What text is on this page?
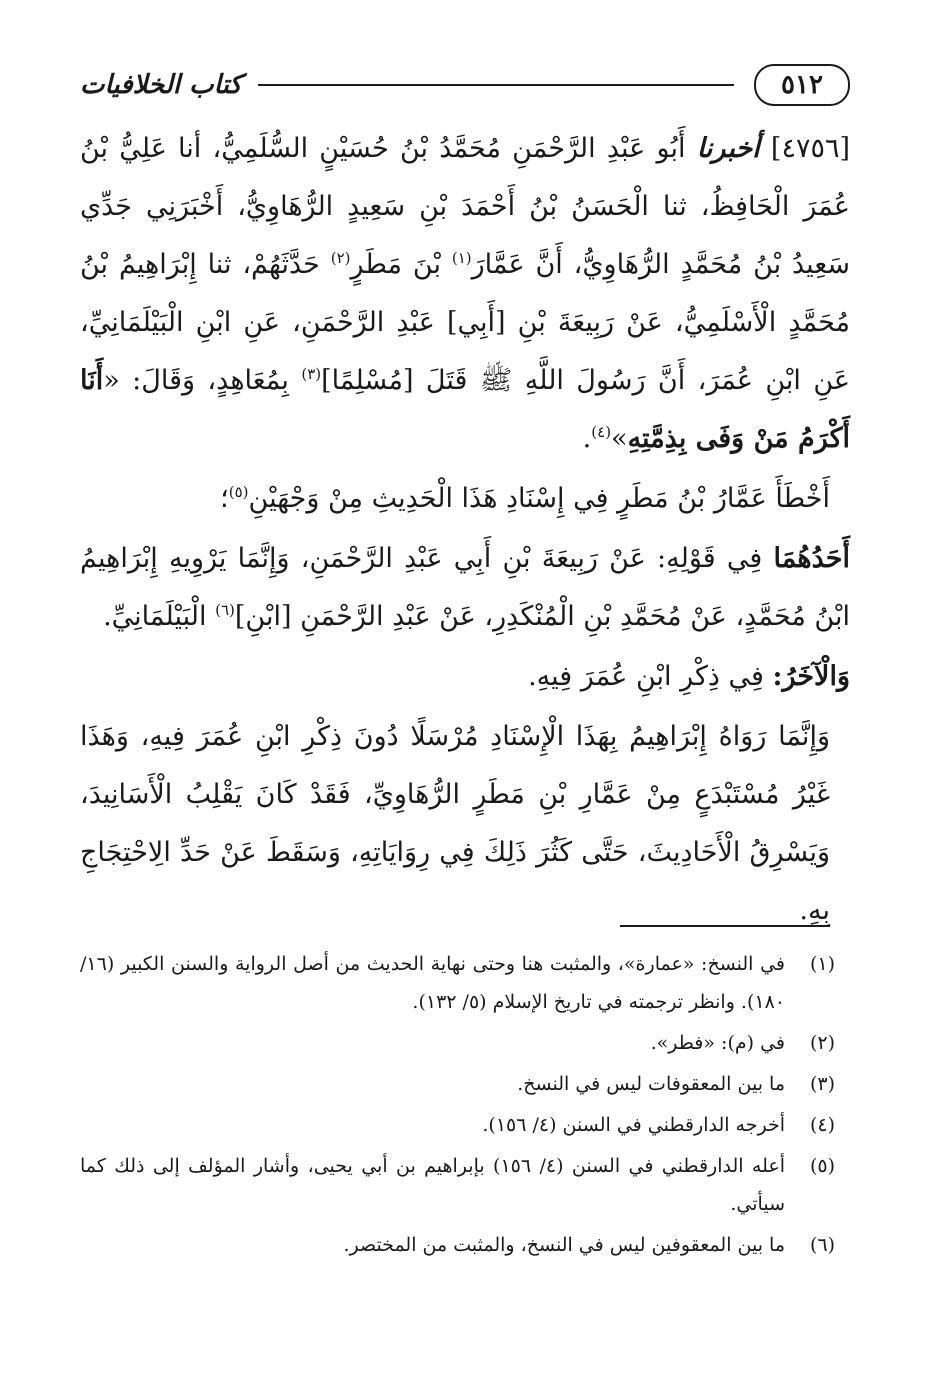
٥١٢
كتاب الخلافيات

[٤٧٥٦] أخبرنا أَبُو عَبْدِ الرَّحْمَنِ مُحَمَّدُ بْنُ حُسَيْنٍ السُّلَمِيُّ، أنا عَلِيُّ بْنُ عُمَرَ الْحَافِظُ، ثنا الْحَسَنُ بْنُ أَحْمَدَ بْنِ سَعِيدٍ الرُّهَاوِيُّ، أَخْبَرَنِي جَدِّي سَعِيدُ بْنُ مُحَمَّدٍ الرُّهَاوِيُّ، أَنَّ عَمَّارَ$^{(١)}$ بْنَ مَطَرٍ$^{(٢)}$ حَدَّثَهُمْ، ثنا إِبْرَاهِيمُ بْنُ مُحَمَّدٍ الْأَسْلَمِيُّ، عَنْ رَبِيعَةَ بْنِ [أَبِي] عَبْدِ الرَّحْمَنِ، عَنِ ابْنِ الْبَيْلَمَانِيِّ، عَنِ ابْنِ عُمَرَ، أَنَّ رَسُولَ اللَّهِ ﷺ قَتَلَ [مُسْلِمًا]$^{(٣)}$ بِمُعَاهِدٍ، وَقَالَ: «أَنَا أَكْرَمُ مَنْ وَفَى بِذِمَّتِهِ»$^{(٤)}$.

أَخْطَأَ عَمَّارُ بْنُ مَطَرٍ فِي إِسْنَادِ هَذَا الْحَدِيثِ مِنْ وَجْهَيْنِ$^{(٥)}$؛

أَحَدُهُمَا فِي قَوْلِهِ: عَنْ رَبِيعَةَ بْنِ أَبِي عَبْدِ الرَّحْمَنِ، وَإِنَّمَا يَرْوِيهِ إِبْرَاهِيمُ ابْنُ مُحَمَّدٍ، عَنْ مُحَمَّدِ بْنِ الْمُنْكَدِرِ، عَنْ عَبْدِ الرَّحْمَنِ [ابْنِ]$^{(٦)}$ الْبَيْلَمَانِيِّ.

وَالْآخَرُ: فِي ذِكْرِ ابْنِ عُمَرَ فِيهِ.

وَإِنَّمَا رَوَاهُ إِبْرَاهِيمُ بِهَذَا الْإِسْنَادِ مُرْسَلًا دُونَ ذِكْرِ ابْنِ عُمَرَ فِيهِ، وَهَذَا غَيْرُ مُسْتَبْدَعٍ مِنْ عَمَّارِ بْنِ مَطَرٍ الرُّهَاوِيِّ، فَقَدْ كَانَ يَقْلِبُ الْأَسَانِيدَ، وَيَسْرِقُ الْأَحَادِيثَ، حَتَّى كَثُرَ ذَلِكَ فِي رِوَايَاتِهِ، وَسَقَطَ عَنْ حَدِّ الِاحْتِجَاجِ بِهِ.

(١)
في النسخ: «عمارة»، والمثبت هنا وحتى نهاية الحديث من أصل الرواية والسنن الكبير (١٦/ ١٨٠). وانظر ترجمته في تاريخ الإسلام (٥/ ١٣٢).
(٢)
في (م): «فطر».
(٣)
ما بين المعقوفات ليس في النسخ.
(٤)
أخرجه الدارقطني في السنن (٤/ ١٥٦).
(٥)
أعله الدارقطني في السنن (٤/ ١٥٦) بإبراهيم بن أبي يحيى، وأشار المؤلف إلى ذلك كما سيأتي.
(٦)
ما بين المعقوفين ليس في النسخ، والمثبت من المختصر.
